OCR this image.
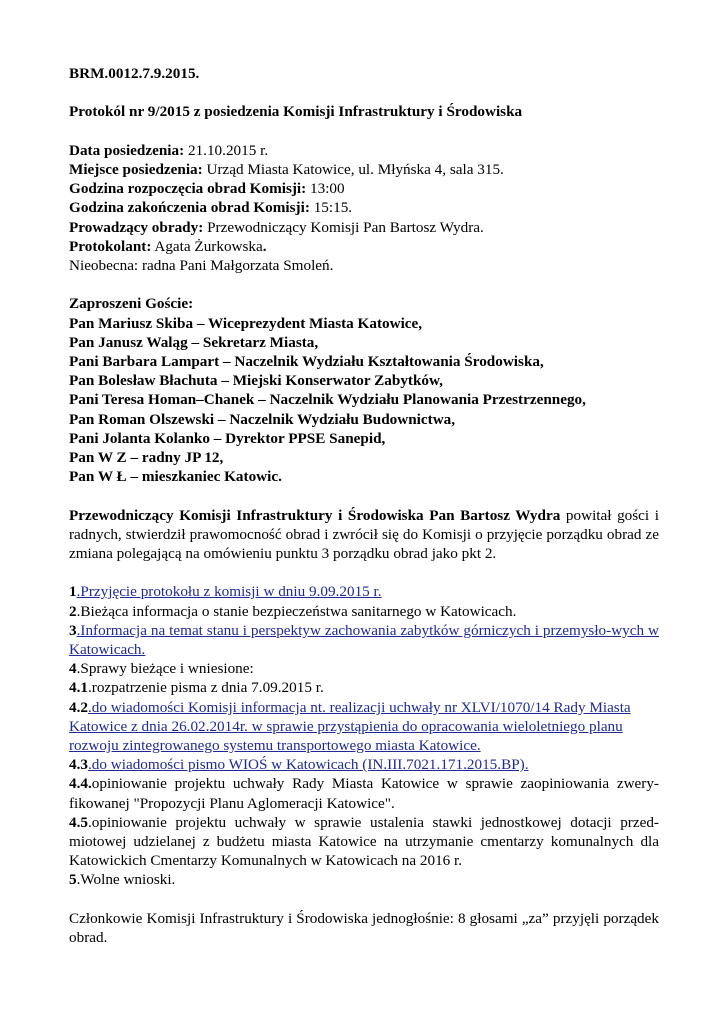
BRM.0012.7.9.2015.

Protokól nr 9/2015 z posiedzenia Komisji Infrastruktury i Środowiska

Data posiedzenia: 21.10.2015 r.

Miejsce posiedzenia: Urząd Miasta Katowice, ul. Młyńska 4, sala 315.

Godzina rozpoczęcia obrad Komisji: 13:00

Godzina zakończenia obrad Komisji: 15:15.

Prowadzący obrady: Przewodniczący Komisji Pan Bartosz Wydra.

Protokolant: Agata Żurkowska.

Nieobecna: radna Pani Małgorzata Smoleń.

Zaproszeni Goście:

Pan Mariusz Skiba – Wiceprezydent Miasta Katowice,

Pan Janusz Waląg – Sekretarz Miasta,

Pani Barbara Lampart – Naczelnik Wydziału Kształtowania Środowiska,

Pan Bolesław Błachuta – Miejski Konserwator Zabytków,

Pani Teresa Homan–Chanek – Naczelnik Wydziału Planowania Przestrzennego,

Pan Roman Olszewski – Naczelnik Wydziału Budownictwa,

Pani Jolanta Kolanko – Dyrektor PPSE Sanepid,

Pan W Z – radny JP 12,

Pan W Ł – mieszkaniec Katowic.

Przewodniczący Komisji Infrastruktury i Środowiska Pan Bartosz Wydra powitał gości i radnych, stwierdził prawomocność obrad i zwrócił się do Komisji o przyjęcie porządku obrad ze zmiana polegającą na omówieniu punktu 3 porządku obrad jako pkt 2.

1.Przyjęcie protokołu z komisji w dniu 9.09.2015 r.

2.Bieżąca informacja o stanie bezpieczeństwa sanitarnego w Katowicach.

3.Informacja na temat stanu i perspektyw zachowania zabytków górniczych i przemysło-wych w Katowicach.

4.Sprawy bieżące i wniesione:

4.1.rozpatrzenie pisma z dnia 7.09.2015 r.

4.2.do wiadomości Komisji informacja nt. realizacji uchwały nr XLVI/1070/14 Rady Miasta Katowice z dnia 26.02.2014r. w sprawie przystąpienia do opracowania wieloletniego planu rozwoju zintegrowanego systemu transportowego miasta Katowice.

4.3.do wiadomości pismo WIOŚ w Katowicach (IN.III.7021.171.2015.BP).

4.4.opiniowanie projektu uchwały Rady Miasta Katowice w sprawie zaopiniowania zwery-fikowanej "Propozycji Planu Aglomeracji Katowice".

4.5.opiniowanie projektu uchwały w sprawie ustalenia stawki jednostkowej dotacji przed-miotowej udzielanej z budżetu miasta Katowice na utrzymanie cmentarzy komunalnych dla Katowickich Cmentarzy Komunalnych w Katowicach na 2016 r.

5.Wolne wnioski.

Członkowie Komisji Infrastruktury i Środowiska jednogłośnie: 8 głosami „za” przyjęli porządek obrad.
